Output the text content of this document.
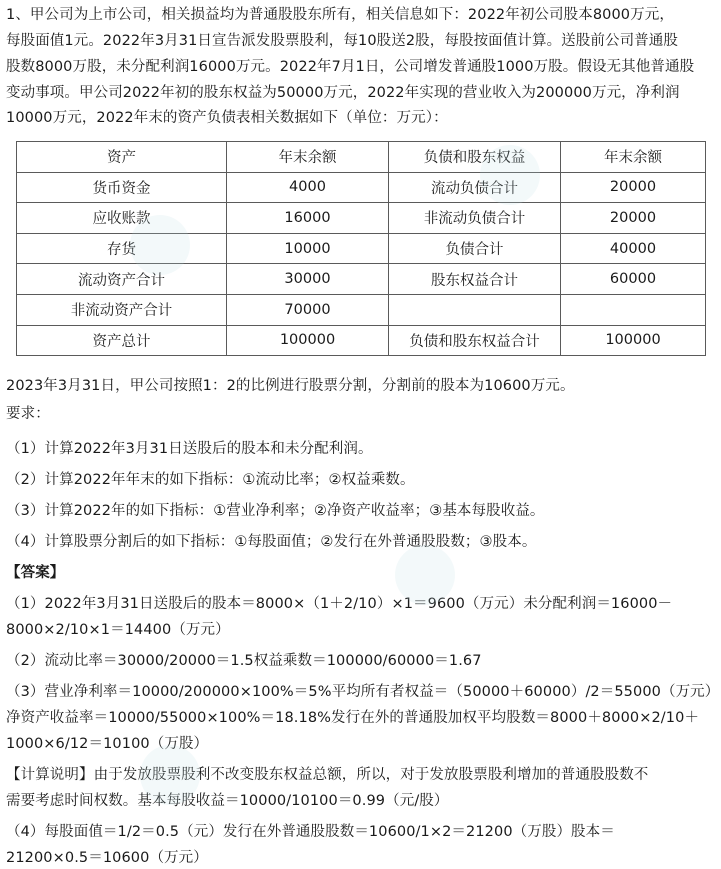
1、甲公司为上市公司，相关损益均为普通股股东所有，相关信息如下：2022年初公司股本8000万元，
每股面值1元。2022年3月31日宣告派发股票股利，每10股送2股，每股按面值计算。送股前公司普通股
股数8000万股，未分配利润16000万元。2022年7月1日，公司增发普通股1000万股。假设无其他普通股
变动事项。甲公司2022年初的股东权益为50000万元，2022年实现的营业收入为200000万元，净利润
10000万元，2022年末的资产负债表相关数据如下（单位：万元）：
资产	年末余额	负债和股东权益	年末余额
货币资金	4000	流动负债合计	20000
应收账款	16000	非流动负债合计	20000
存货	10000	负债合计	40000
流动资产合计	30000	股东权益合计	60000
非流动资产合计	70000		
资产总计	100000	负债和股东权益合计	100000
2023年3月31日，甲公司按照1：2的比例进行股票分割，分割前的股本为10600万元。
要求：
（1）计算2022年3月31日送股后的股本和未分配利润。
（2）计算2022年年末的如下指标：①流动比率；②权益乘数。
（3）计算2022年的如下指标：①营业净利率；②净资产收益率；③基本每股收益。
（4）计算股票分割后的如下指标：①每股面值；②发行在外普通股股数；③股本。
【答案】
（1）2022年3月31日送股后的股本＝8000×（1＋2/10）×1＝9600（万元）未分配利润＝16000－
8000×2/10×1＝14400（万元）
（2）流动比率＝30000/20000＝1.5权益乘数＝100000/60000＝1.67
（3）营业净利率＝10000/200000×100%＝5%平均所有者权益＝（50000＋60000）/2＝55000（万元）
净资产收益率＝10000/55000×100%＝18.18%发行在外的普通股加权平均股数＝8000＋8000×2/10＋
1000×6/12＝10100（万股）
【计算说明】由于发放股票股利不改变股东权益总额，所以，对于发放股票股利增加的普通股股数不
需要考虑时间权数。基本每股收益＝10000/10100＝0.99（元/股）
（4）每股面值＝1/2＝0.5（元）发行在外普通股股数＝10600/1×2＝21200（万股）股本＝
21200×0.5＝10600（万元）
